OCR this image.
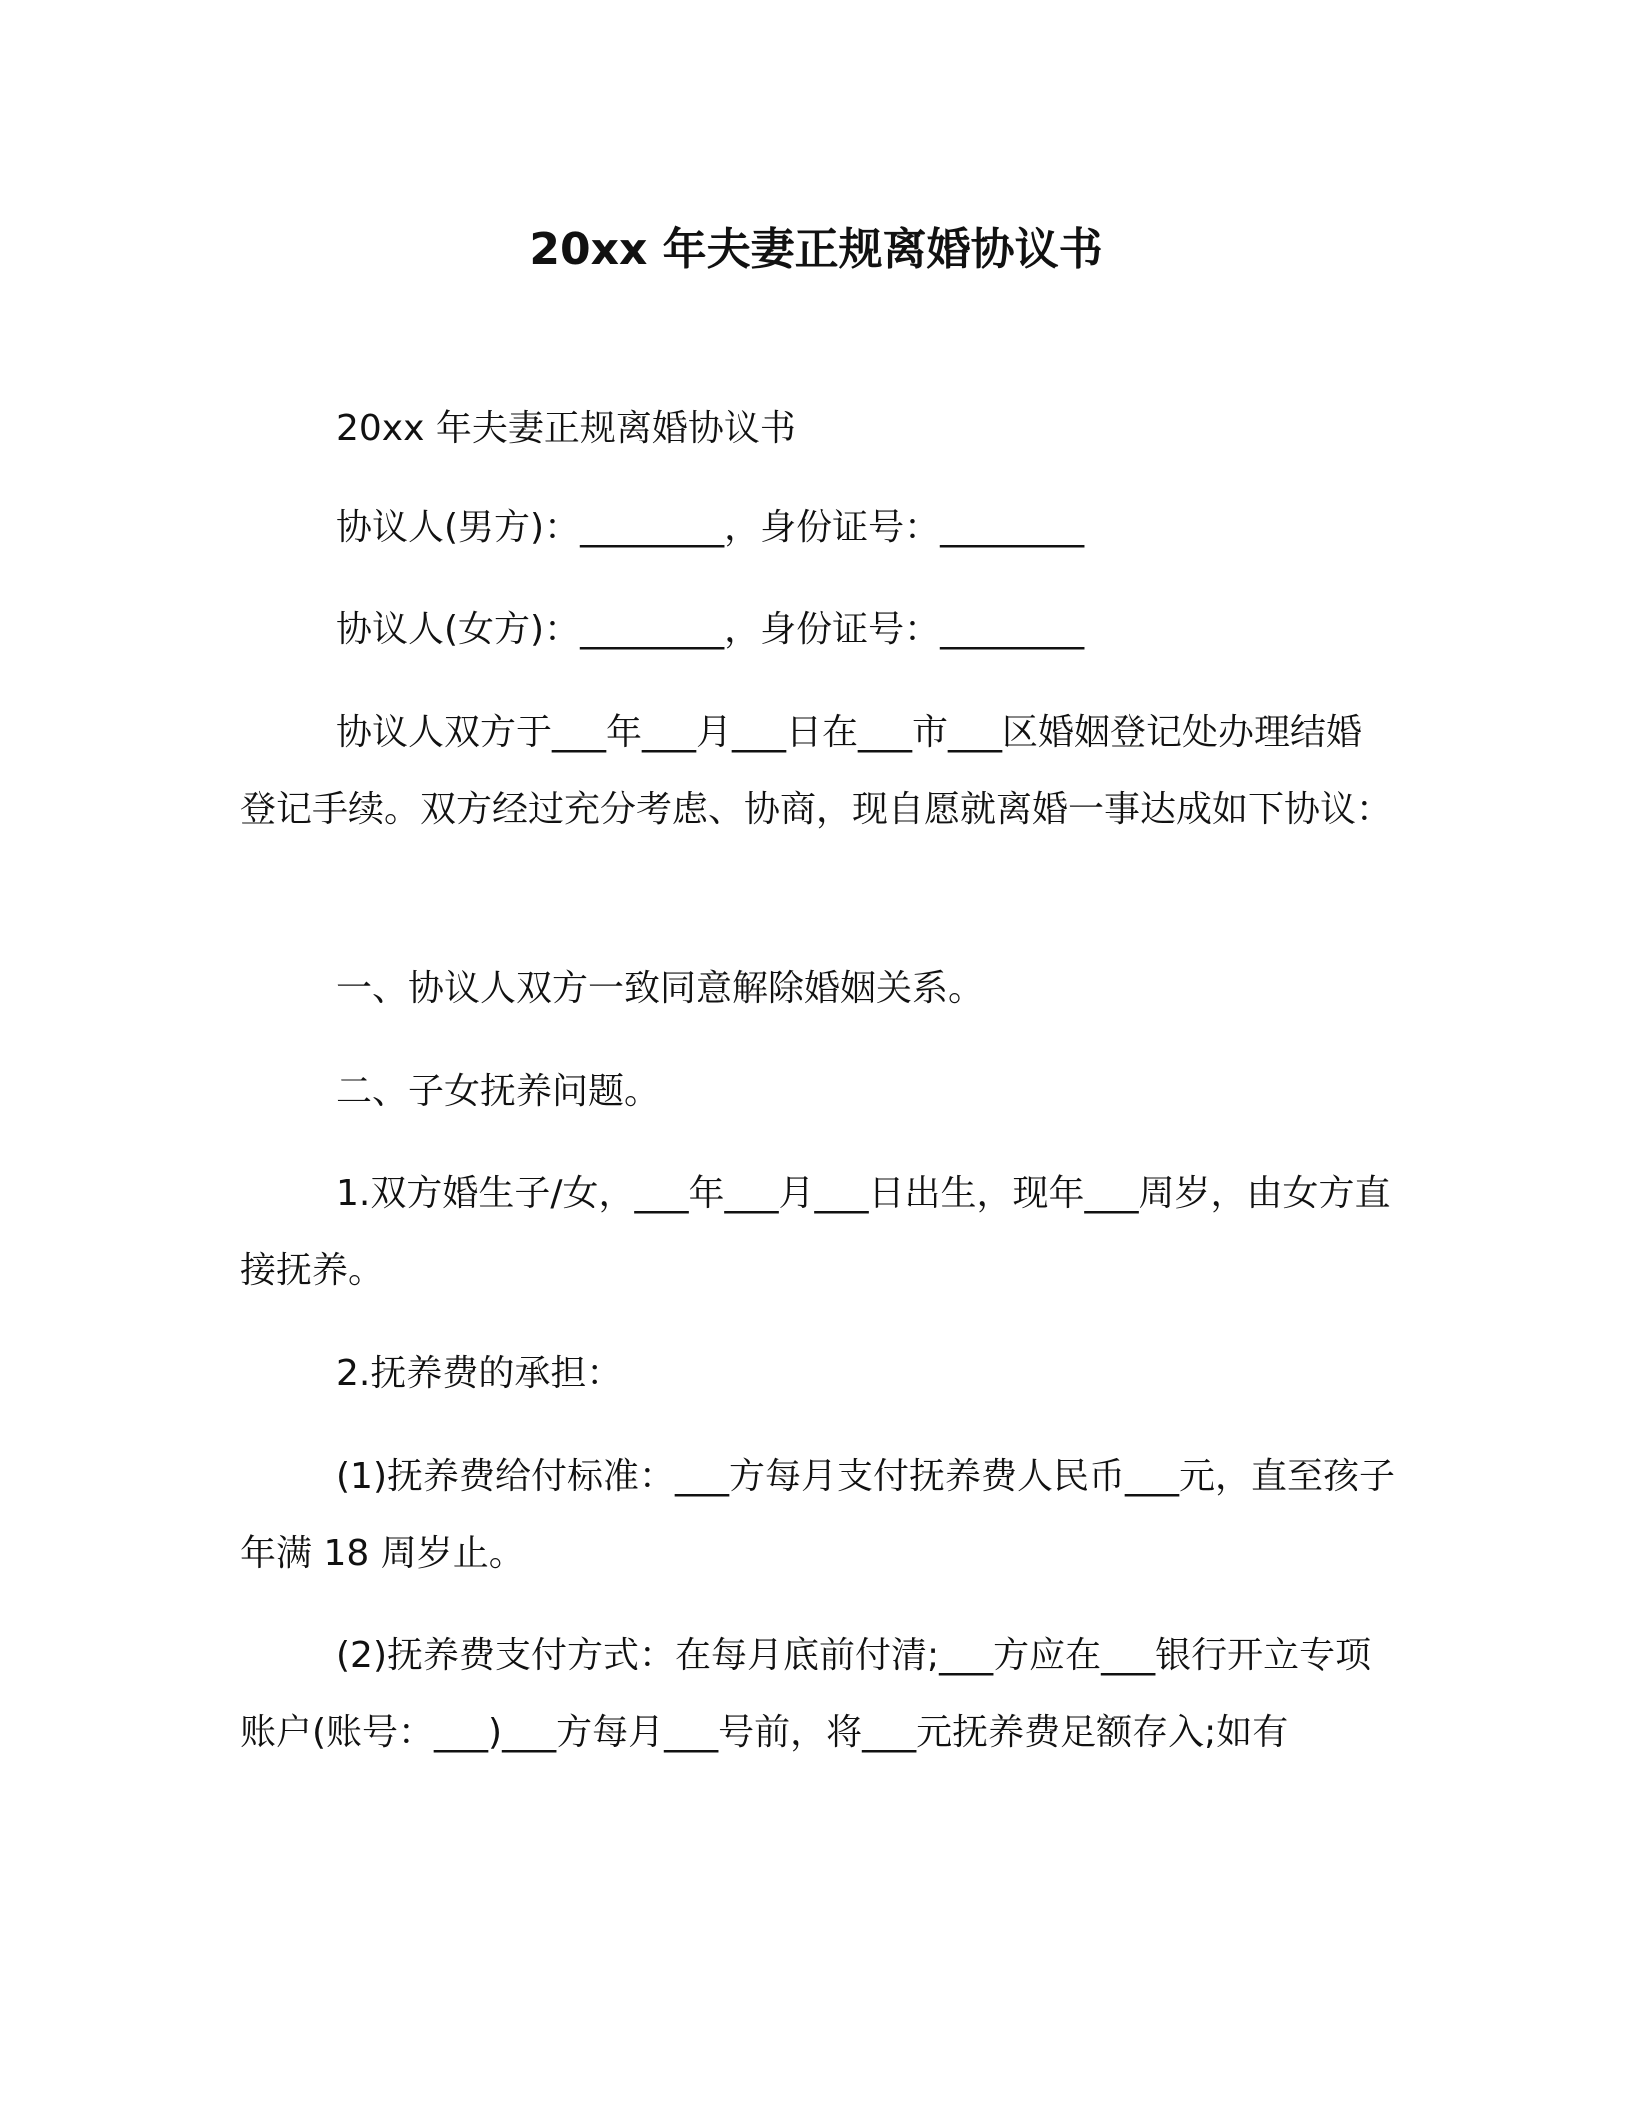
20xx 年夫妻正规离婚协议书

20xx 年夫妻正规离婚协议书

协议人(男方)：________，身份证号：________

协议人(女方)：________，身份证号：________

协议人双方于___年___月___日在___市___区婚姻登记处办理结婚登记手续。双方经过充分考虑、协商，现自愿就离婚一事达成如下协议：

一、协议人双方一致同意解除婚姻关系。

二、子女抚养问题。

1.双方婚生子/女，___年___月___日出生，现年___周岁，由女方直接抚养。

2.抚养费的承担：

(1)抚养费给付标准：___方每月支付抚养费人民币___元，直至孩子年满 18 周岁止。

(2)抚养费支付方式：在每月底前付清;___方应在___银行开立专项账户(账号：___)___方每月___号前，将___元抚养费足额存入;如有
